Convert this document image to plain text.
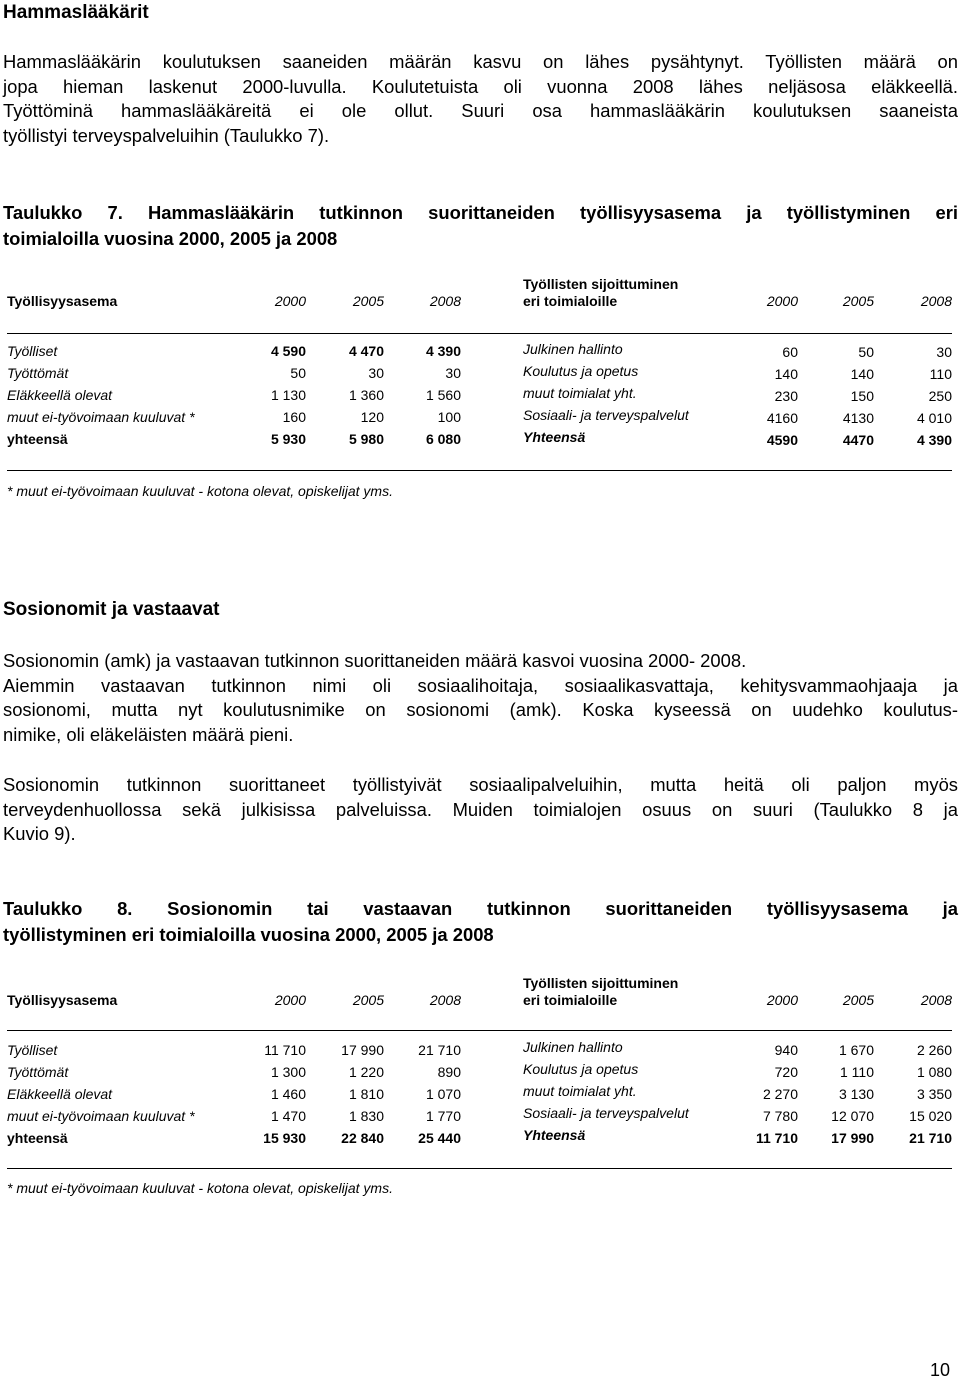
Hammaslääkärit
Hammaslääkärin koulutuksen saaneiden määrän kasvu on lähes pysähtynyt. Työllisten määrä on
jopa hieman laskenut 2000-luvulla. Koulutetuista oli vuonna 2008 lähes neljäsosa eläkkeellä.
Työttöminä hammaslääkäreitä ei ole ollut. Suuri osa hammaslääkärin koulutuksen saaneista
työllistyi terveyspalveluihin (Taulukko 7).
Taulukko 7. Hammaslääkärin tutkinnon suorittaneiden työllisyysasema ja työllistyminen eri
toimialoilla vuosina 2000, 2005 ja 2008
Työllisyysasema	2000	2005	2008
Työllisten sijoittuminen
eri toimialoille	2000	2005	2008
Työlliset	4 590	4 470	4 390
Työttömät	50	30	30
Eläkkeellä olevat	1 130	1 360	1 560
muut ei-työvoimaan kuuluvat *	160	120	100
yhteensä	5 930	5 980	6 080
Julkinen hallinto	60	50	30
Koulutus ja opetus	140	140	110
muut toimialat yht.	230	150	250
Sosiaali- ja terveyspalvelut	4160	4130	4 010
Yhteensä	4590	4470	4 390
* muut ei-työvoimaan kuuluvat - kotona olevat, opiskelijat yms.
Sosionomit ja vastaavat
Sosionomin (amk) ja vastaavan tutkinnon suorittaneiden määrä kasvoi vuosina 2000- 2008.
Aiemmin vastaavan tutkinnon nimi oli sosiaalihoitaja, sosiaalikasvattaja, kehitysvammaohjaaja ja
sosionomi, mutta nyt koulutusnimike on sosionomi (amk). Koska kyseessä on uudehko koulutus-
nimike, oli eläkeläisten määrä pieni.
Sosionomin tutkinnon suorittaneet työllistyivät sosiaalipalveluihin, mutta heitä oli paljon myös
terveydenhuollossa sekä julkisissa palveluissa. Muiden toimialojen osuus on suuri (Taulukko 8 ja
Kuvio 9).
Taulukko 8. Sosionomin tai vastaavan tutkinnon suorittaneiden työllisyysasema ja
työllistyminen eri toimialoilla vuosina 2000, 2005 ja 2008
Työllisyysasema	2000	2005	2008
Työllisten sijoittuminen
eri toimialoille	2000	2005	2008
Työlliset	11 710	17 990	21 710
Työttömät	1 300	1 220	890
Eläkkeellä olevat	1 460	1 810	1 070
muut ei-työvoimaan kuuluvat *	1 470	1 830	1 770
yhteensä	15 930	22 840	25 440
Julkinen hallinto	940	1 670	2 260
Koulutus ja opetus	720	1 110	1 080
muut toimialat yht.	2 270	3 130	3 350
Sosiaali- ja terveyspalvelut	7 780	12 070	15 020
Yhteensä	11 710	17 990	21 710
* muut ei-työvoimaan kuuluvat - kotona olevat, opiskelijat yms.
10
